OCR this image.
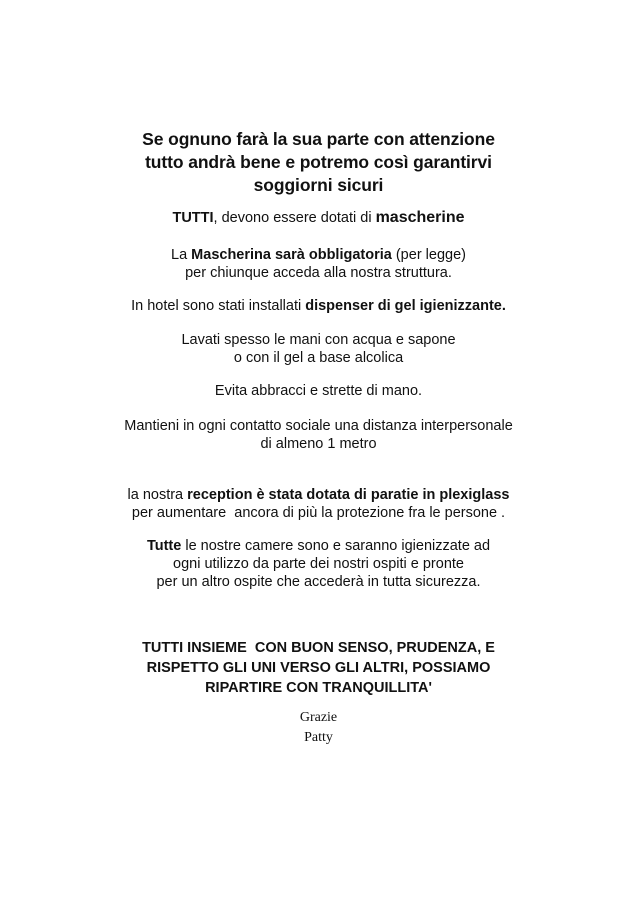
Se ognuno farà la sua parte con attenzione
tutto andrà bene e potremo così garantirvi
soggiorni sicuri
TUTTI, devono essere dotati di mascherine
La Mascherina sarà obbligatoria (per legge)
per chiunque acceda alla nostra struttura.
In hotel sono stati installati dispenser di gel igienizzante.
Lavati spesso le mani con acqua e sapone
o con il gel a base alcolica
Evita abbracci e strette di mano.
Mantieni in ogni contatto sociale una distanza interpersonale
di almeno 1 metro
la nostra reception è stata dotata di paratie in plexiglass
per aumentare  ancora di più la protezione fra le persone .
Tutte le nostre camere sono e saranno igienizzate ad
ogni utilizzo da parte dei nostri ospiti e pronte
per un altro ospite che accederà in tutta sicurezza.
TUTTI INSIEME  CON BUON SENSO, PRUDENZA, E
RISPETTO GLI UNI VERSO GLI ALTRI, POSSIAMO
RIPARTIRE CON TRANQUILLITA'
Grazie
Patty
